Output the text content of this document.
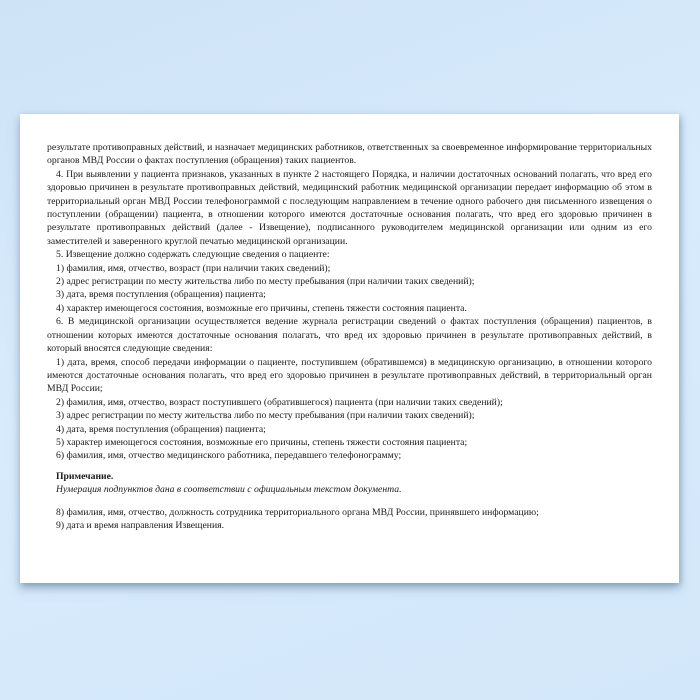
результате противоправных действий, и назначает медицинских работников, ответственных за своевременное информирование территориальных органов МВД России о фактах поступления (обращения) таких пациентов.

4. При выявлении у пациента признаков, указанных в пункте 2 настоящего Порядка, и наличии достаточных оснований полагать, что вред его здоровью причинен в результате противоправных действий, медицинский работник медицинской организации передает информацию об этом в территориальный орган МВД России телефонограммой с последующим направлением в течение одного рабочего дня письменного извещения о поступлении (обращении) пациента, в отношении которого имеются достаточные основания полагать, что вред его здоровью причинен в результате противоправных действий (далее - Извещение), подписанного руководителем медицинской организации или одним из его заместителей и заверенного круглой печатью медицинской организации.

5. Извещение должно содержать следующие сведения о пациенте:

1) фамилия, имя, отчество, возраст (при наличии таких сведений);

2) адрес регистрации по месту жительства либо по месту пребывания (при наличии таких сведений);

3) дата, время поступления (обращения) пациента;

4) характер имеющегося состояния, возможные его причины, степень тяжести состояния пациента.

6. В медицинской организации осуществляется ведение журнала регистрации сведений о фактах поступления (обращения) пациентов, в отношении которых имеются достаточные основания полагать, что вред их здоровью причинен в результате противоправных действий, в который вносятся следующие сведения:

1) дата, время, способ передачи информации о пациенте, поступившем (обратившемся) в медицинскую организацию, в отношении которого имеются достаточные основания полагать, что вред его здоровью причинен в результате противоправных действий, в территориальный орган МВД России;

2) фамилия, имя, отчество, возраст поступившего (обратившегося) пациента (при наличии таких сведений);

3) адрес регистрации по месту жительства либо по месту пребывания (при наличии таких сведений);

4) дата, время поступления (обращения) пациента;

5) характер имеющегося состояния, возможные его причины, степень тяжести состояния пациента;

6) фамилия, имя, отчество медицинского работника, передавшего телефонограмму;

Примечание.

Нумерация подпунктов дана в соответствии с официальным текстом документа.

8) фамилия, имя, отчество, должность сотрудника территориального органа МВД России, принявшего информацию;

9) дата и время направления Извещения.
